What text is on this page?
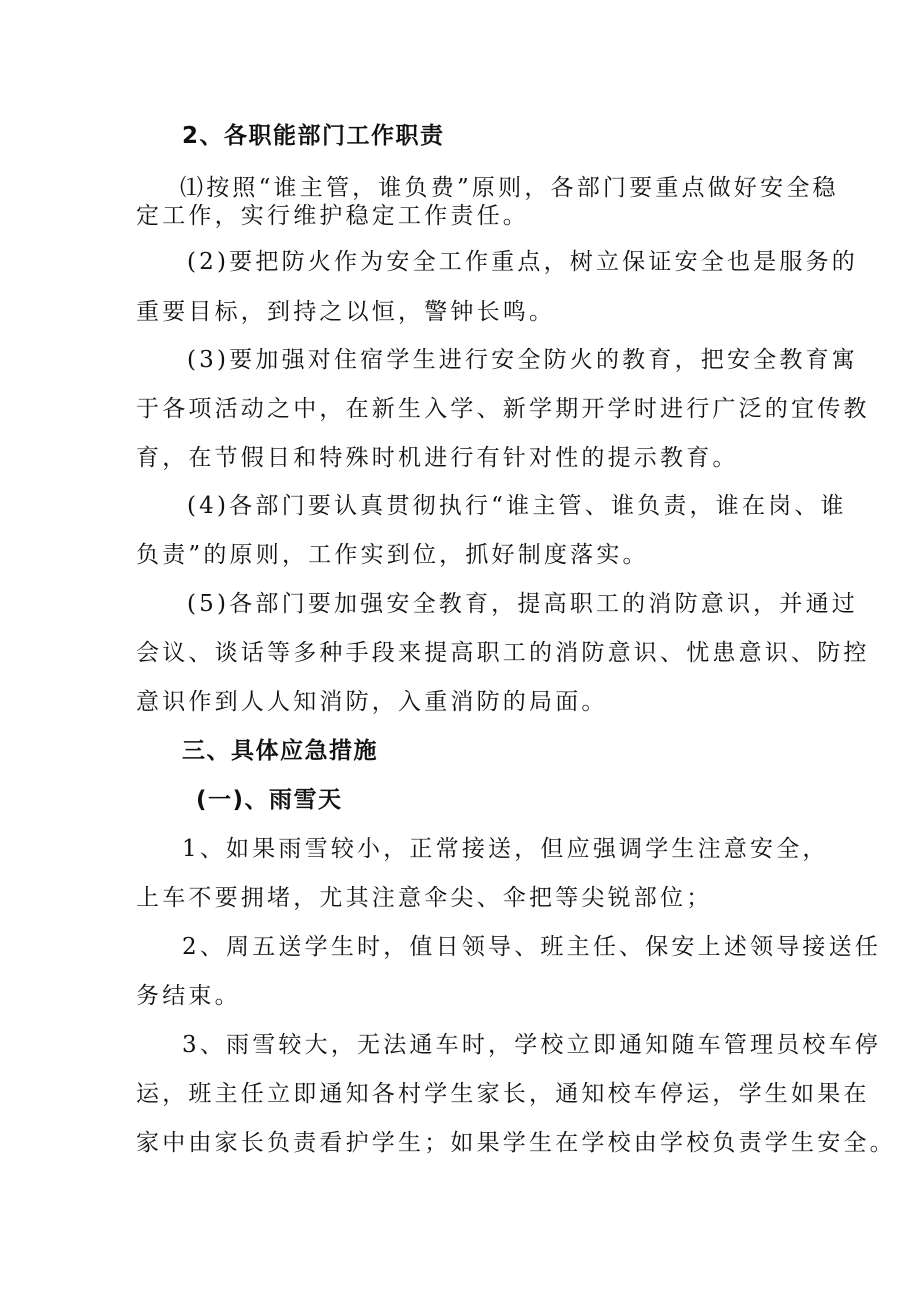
2、各职能部门工作职责
⑴按照“谁主管，谁负费”原则，各部门要重点做好安全稳
定工作，实行维护稳定工作责任。
(2)要把防火作为安全工作重点，树立保证安全也是服务的
重要目标，到持之以恒，警钟长鸣。
(3)要加强对住宿学生进行安全防火的教育，把安全教育寓
于各项活动之中，在新生入学、新学期开学时进行广泛的宜传教
育，在节假日和特殊时机进行有针对性的提示教育。
(4)各部门要认真贯彻执行“谁主管、谁负责，谁在岗、谁
负责”的原则，工作实到位，抓好制度落实。
(5)各部门要加强安全教育，提高职工的消防意识，并通过
会议、谈话等多种手段来提高职工的消防意识、忧患意识、防控
意识作到人人知消防，入重消防的局面。
三、具体应急措施
(一)、雨雪天
1、如果雨雪较小，正常接送，但应强调学生注意安全，
上车不要拥堵，尤其注意伞尖、伞把等尖锐部位；
2、周五送学生时，值日领导、班主任、保安上述领导接送任
务结束。
3、雨雪较大，无法通车时，学校立即通知随车管理员校车停
运，班主任立即通知各村学生家长，通知校车停运，学生如果在
家中由家长负责看护学生；如果学生在学校由学校负责学生安全。
